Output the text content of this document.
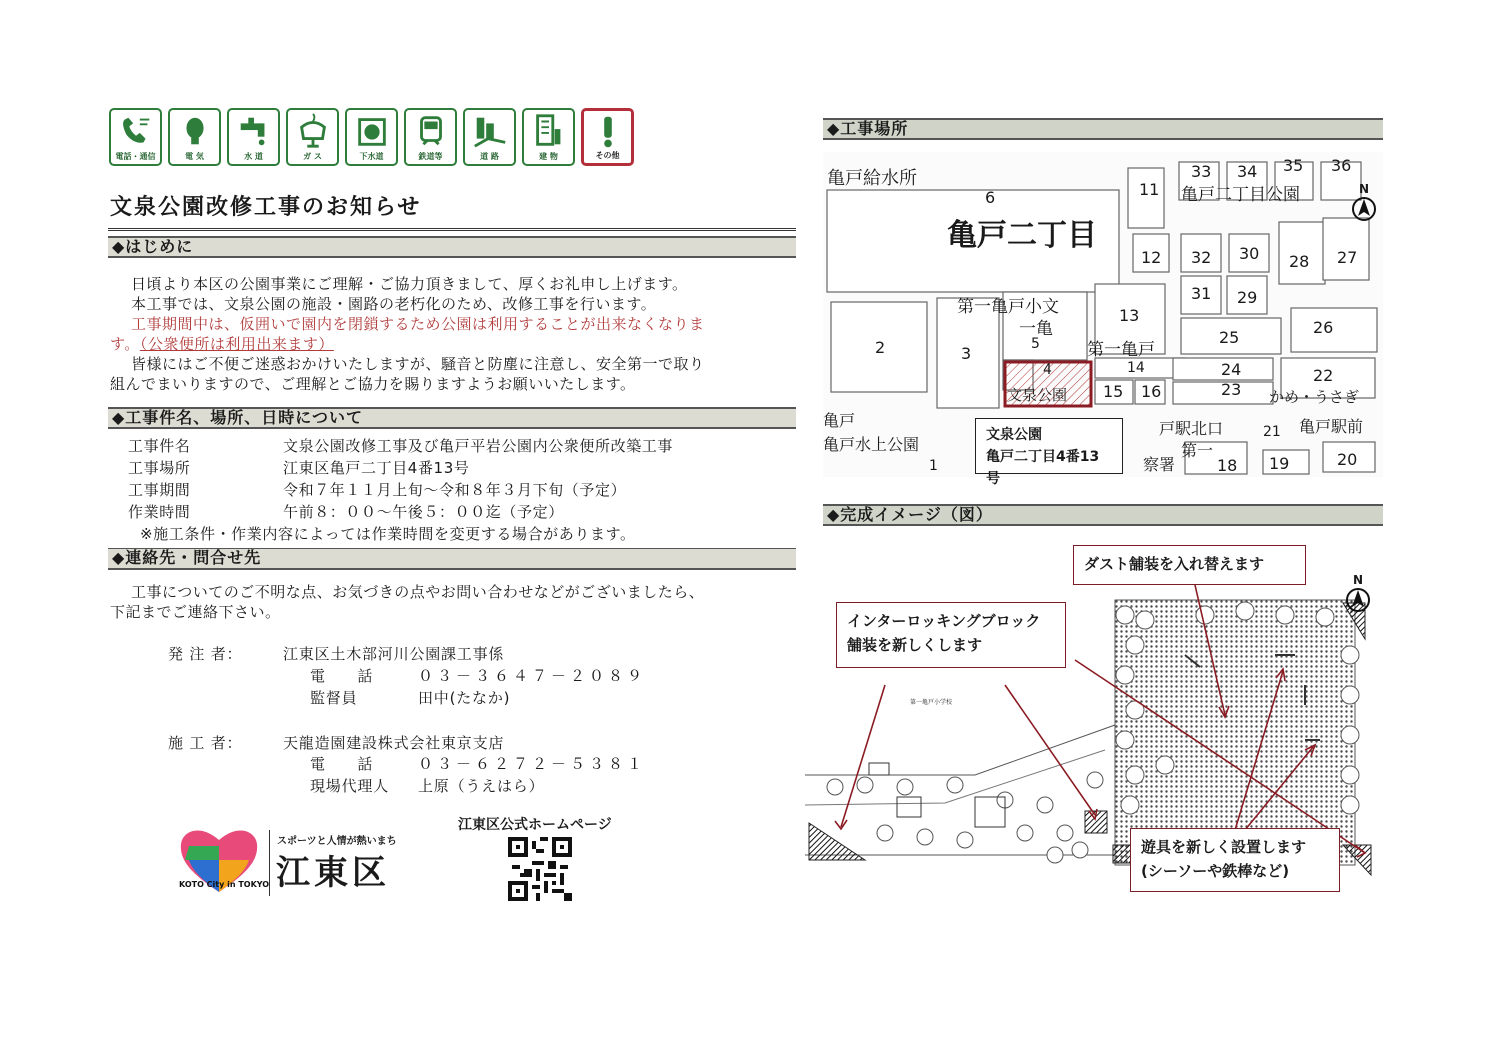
電話・通信	電 気	水 道	ガ ス	下水道	鉄道等	道 路	建 物	その他
文泉公園改修工事のお知らせ
◆はじめに
日頃より本区の公園事業にご理解・ご協力頂きまして、厚くお礼申し上げます。
本工事では、文泉公園の施設・園路の老朽化のため、改修工事を行います。
工事期間中は、仮囲いで園内を閉鎖するため公園は利用することが出来なくなりま
す。（公衆便所は利用出来ます）
皆様にはご不便ご迷惑おかけいたしますが、騒音と防塵に注意し、安全第一で取り
組んでまいりますので、ご理解とご協力を賜りますようお願いいたします。
◆工事件名、場所、日時について
工事件名	文泉公園改修工事及び亀戸平岩公園内公衆便所改築工事
工事場所	江東区亀戸二丁目4番13号
工事期間	令和７年１１月上旬～令和８年３月下旬（予定）
作業時間	午前８：００～午後５：００迄（予定）
※施工条件・作業内容によっては作業時間を変更する場合があります。
◆連絡先・問合せ先
工事についてのご不明な点、お気づきの点やお問い合わせなどがございましたら、
下記までご連絡下さい。
発 注 者：	江東区土木部河川公園課工事係
電　　話	０３－３６４７－２０８９
監督員	田中(たなか)
施 工 者：	天龍造園建設株式会社東京支店
電　　話	０３－６２７２－５３８１
現場代理人 上原（うえはら）
KOTO City in TOKYO
スポーツと人情が熱いまち
江東区
江東区公式ホームページ
◆工事場所
亀戸給水所
亀戸二丁目
亀戸二丁目公園
第一亀戸小文
一亀
第一亀戸
文泉公園
亀戸
亀戸水上公園
戸駅北口
第一
かめ・うさぎ
亀戸駅前
察署
6
33 34 35 36
11
12 32 30 28 27
31 29
13
2	3	5
4
25
26
14	24	22
15 16	23
21
1	18 19	20
N
文泉公園
亀戸二丁目4番13号
◆完成イメージ（図）
第一亀戸小学校
N
ダスト舗装を入れ替えます
インターロッキングブロック
舗装を新しくします
遊具を新しく設置します
(シーソーや鉄棒など)
